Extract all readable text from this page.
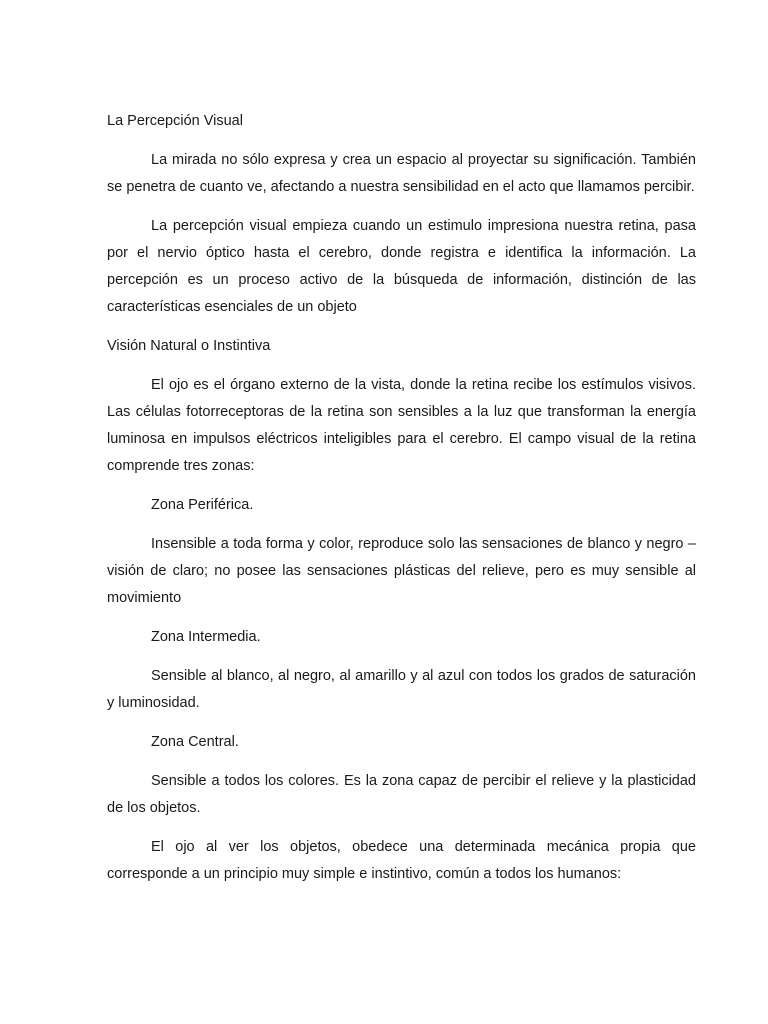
La Percepción Visual

La mirada no sólo expresa y crea un espacio al proyectar su significación. También se penetra de cuanto ve, afectando a nuestra sensibilidad en el acto que llamamos percibir.

La percepción visual empieza cuando un estimulo impresiona nuestra retina, pasa por el nervio óptico hasta el cerebro, donde registra e identifica la información. La percepción es un proceso activo de la búsqueda de información, distinción de las características esenciales de un objeto

Visión Natural o Instintiva

El ojo es el órgano externo de la vista, donde la retina recibe los estímulos visivos. Las células fotorreceptoras de la retina son sensibles a la luz que transforman la energía luminosa en impulsos eléctricos inteligibles para el cerebro. El campo visual de la retina comprende tres zonas:

Zona Periférica.

Insensible a toda forma y color, reproduce solo las sensaciones de blanco y negro – visión de claro; no posee las sensaciones plásticas del relieve, pero es muy sensible al movimiento

Zona Intermedia.

Sensible al blanco, al negro, al amarillo y al azul con todos los grados de saturación y luminosidad.

Zona Central.

Sensible a todos los colores. Es la zona capaz de percibir el relieve y la plasticidad de los objetos.

El ojo al ver los objetos, obedece una determinada mecánica propia que corresponde a un principio muy simple e instintivo, común a todos los humanos:
